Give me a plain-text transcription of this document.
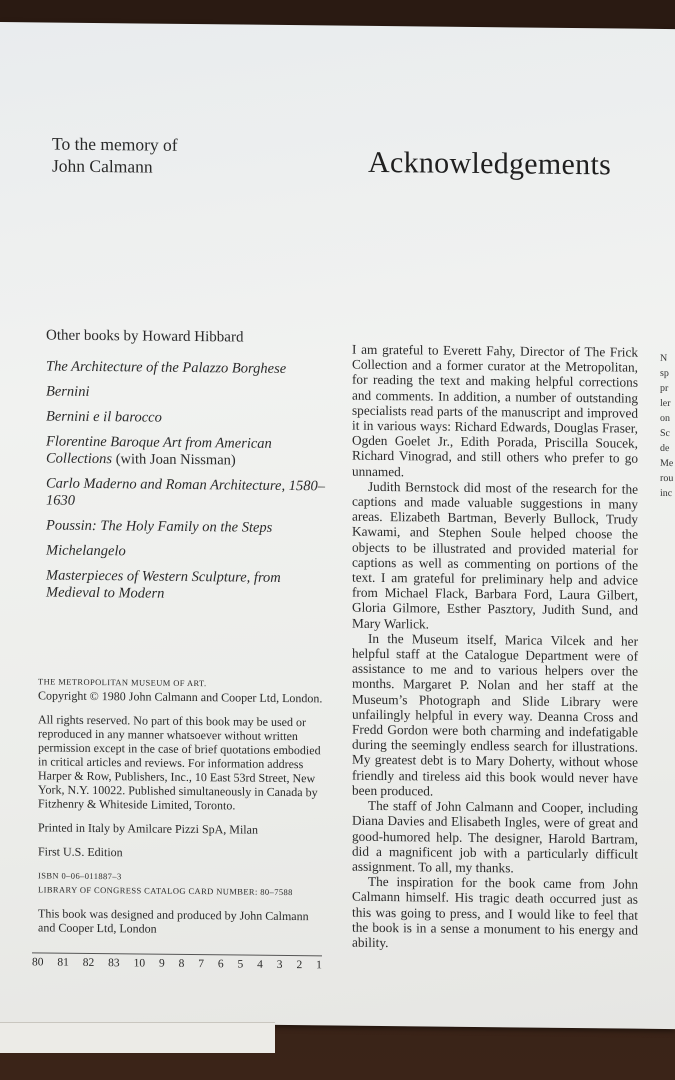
To the memory of
John Calmann	Acknowledgements
Other books by Howard Hibbard
The Architecture of the Palazzo Borghese
Bernini
Bernini e il barocco
Florentine Baroque Art from American Collections (with Joan Nissman)
Carlo Maderno and Roman Architecture, 1580–1630
Poussin: The Holy Family on the Steps
Michelangelo
Masterpieces of Western Sculpture, from Medieval to Modern
THE METROPOLITAN MUSEUM OF ART.

Copyright © 1980 John Calmann and Cooper Ltd, London.

All rights reserved. No part of this book may be used or reproduced in any manner whatsoever without written permission except in the case of brief quotations embodied in critical articles and reviews. For information address Harper & Row, Publishers, Inc., 10 East 53rd Street, New York, N.Y. 10022. Published simultaneously in Canada by Fitzhenry & Whiteside Limited, Toronto.

Printed in Italy by Amilcare Pizzi SpA, Milan

First U.S. Edition

ISBN 0–06–011887–3

LIBRARY OF CONGRESS CATALOG CARD NUMBER: 80–7588

This book was designed and produced by John Calmann and Cooper Ltd, London

80 81 82 83 10 9 8 7 6 5 4 3 2 1

I am grateful to Everett Fahy, Director of The Frick Collection and a former curator at the Metropolitan, for reading the text and making helpful corrections and comments. In addition, a number of outstanding specialists read parts of the manuscript and improved it in various ways: Richard Edwards, Douglas Fraser, Ogden Goelet Jr., Edith Porada, Priscilla Soucek, Richard Vinograd, and still others who prefer to go unnamed.

Judith Bernstock did most of the research for the captions and made valuable suggestions in many areas. Elizabeth Bartman, Beverly Bullock, Trudy Kawami, and Stephen Soule helped choose the objects to be illustrated and provided material for captions as well as commenting on portions of the text. I am grateful for preliminary help and advice from Michael Flack, Barbara Ford, Laura Gilbert, Gloria Gilmore, Esther Pasztory, Judith Sund, and Mary Warlick.

In the Museum itself, Marica Vilcek and her helpful staff at the Catalogue Department were of assistance to me and to various helpers over the months. Margaret P. Nolan and her staff at the Museum’s Photograph and Slide Library were unfailingly helpful in every way. Deanna Cross and Fredd Gordon were both charming and indefatigable during the seemingly endless search for illustrations. My greatest debt is to Mary Doherty, without whose friendly and tireless aid this book would never have been produced.

The staff of John Calmann and Cooper, including Diana Davies and Elisabeth Ingles, were of great and good-humored help. The designer, Harold Bartram, did a magnificent job with a particularly difficult assignment. To all, my thanks.

The inspiration for the book came from John Calmann himself. His tragic death occurred just as this was going to press, and I would like to feel that the book is in a sense a monument to his energy and ability.

N
sp
pr
ler
on
Sc
de
Me
rou
inc
